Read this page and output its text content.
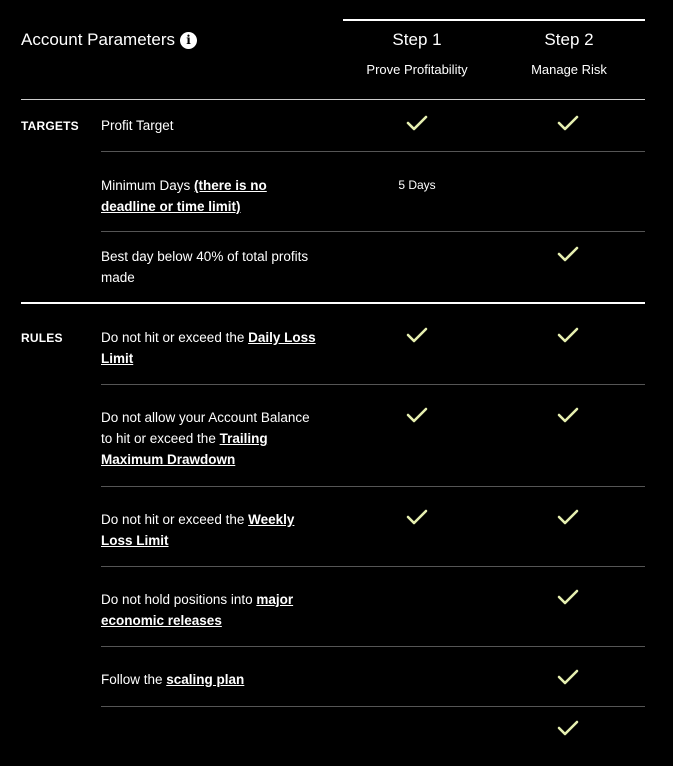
Account Parameters i	Step 1
Prove Profitability
Step 2
Manage Risk
TARGETS Profit Target
Minimum Days (there is no deadline or time limit)
5 Days
Best day below 40% of total profits made
RULES	Do not hit or exceed the Daily Loss Limit
Do not allow your Account Balance to hit or exceed the Trailing Maximum Drawdown
Do not hit or exceed the Weekly Loss Limit
Do not hold positions into major economic releases
Follow the scaling plan
